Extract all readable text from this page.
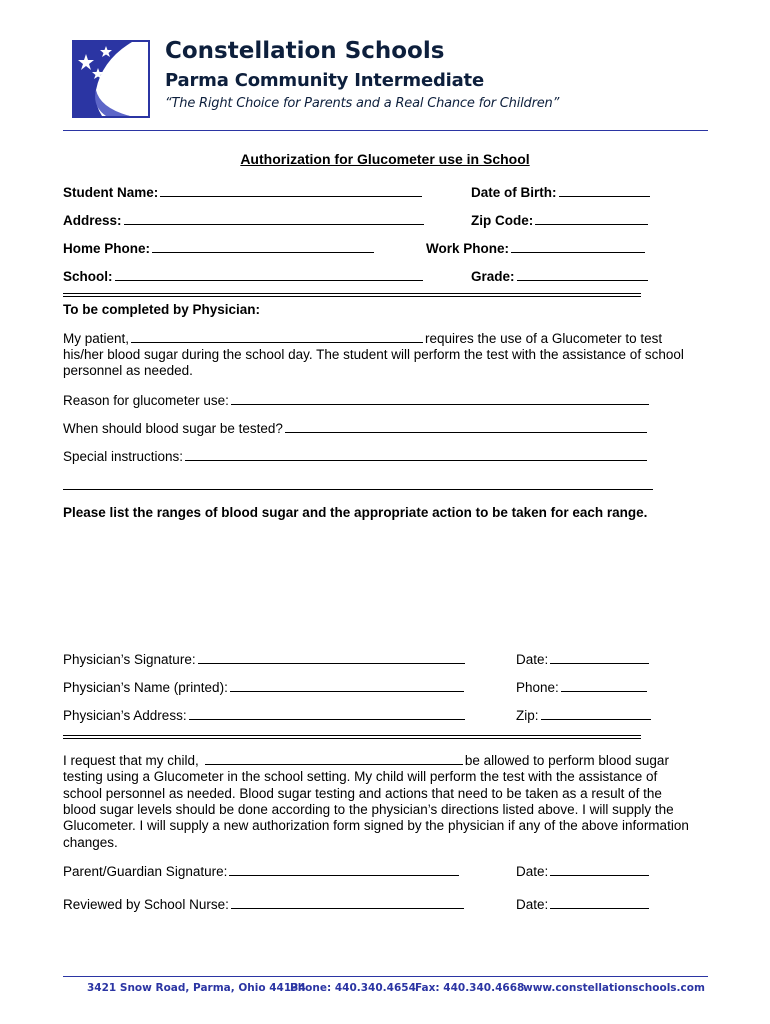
Constellation Schools
Parma Community Intermediate
“The Right Choice for Parents and a Real Chance for Children”
Authorization for Glucometer use in School
Student Name:	Date of Birth:
Address:	Zip Code:
Home Phone:	Work Phone:
School:	Grade:
To be completed by Physician:
My patient,	requires the use of a Glucometer to test
his/her blood sugar during the school day. The student will perform the test with the assistance of school
personnel as needed.
Reason for glucometer use:
When should blood sugar be tested?
Special instructions:
Please list the ranges of blood sugar and the appropriate action to be taken for each range.
Physician’s Signature:	Date:
Physician’s Name (printed):	Phone:
Physician’s Address:	Zip:
I request that my child,	be allowed to perform blood sugar
testing using a Glucometer in the school setting. My child will perform the test with the assistance of
school personnel as needed. Blood sugar testing and actions that need to be taken as a result of the
blood sugar levels should be done according to the physician’s directions listed above. I will supply the
Glucometer. I will supply a new authorization form signed by the physician if any of the above information
changes.
Parent/Guardian Signature:	Date:
Reviewed by School Nurse:	Date:
3421 Snow Road, Parma, Ohio 44134
Phone: 440.340.4654 Fax: 440.340.4668
www.constellationschools.com
